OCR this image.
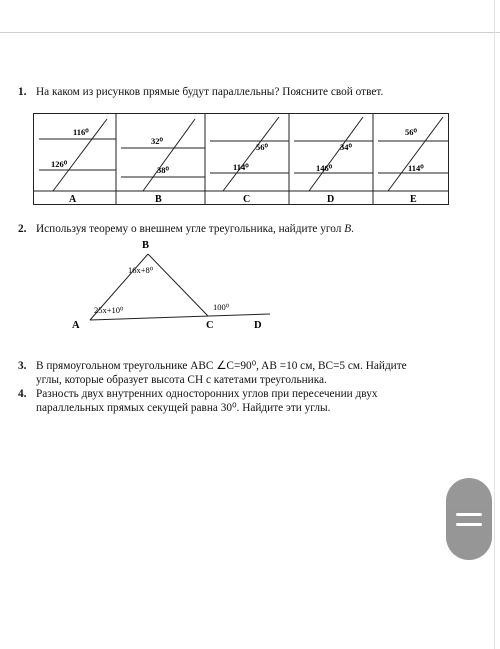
1. На каком из рисунков прямые будут параллельны? Поясните свой ответ.
116⁰
126⁰
A
32⁰
38⁰
B
56⁰
114⁰
C
34⁰
146⁰
D
56⁰
114⁰
E
2. Используя теорему о внешнем угле треугольника, найдите угол B.
B
A	C	D
16x+8⁰
25x+10⁰	100⁰
3. В прямоугольном треугольнике ABC ∠C=90⁰, AB =10 см, BC=5 см. Найдите
углы, которые образует высота CH с катетами треугольника.
4. Разность двух внутренних односторонних углов при пересечении двух
параллельных прямых секущей равна 30⁰. Найдите эти углы.
